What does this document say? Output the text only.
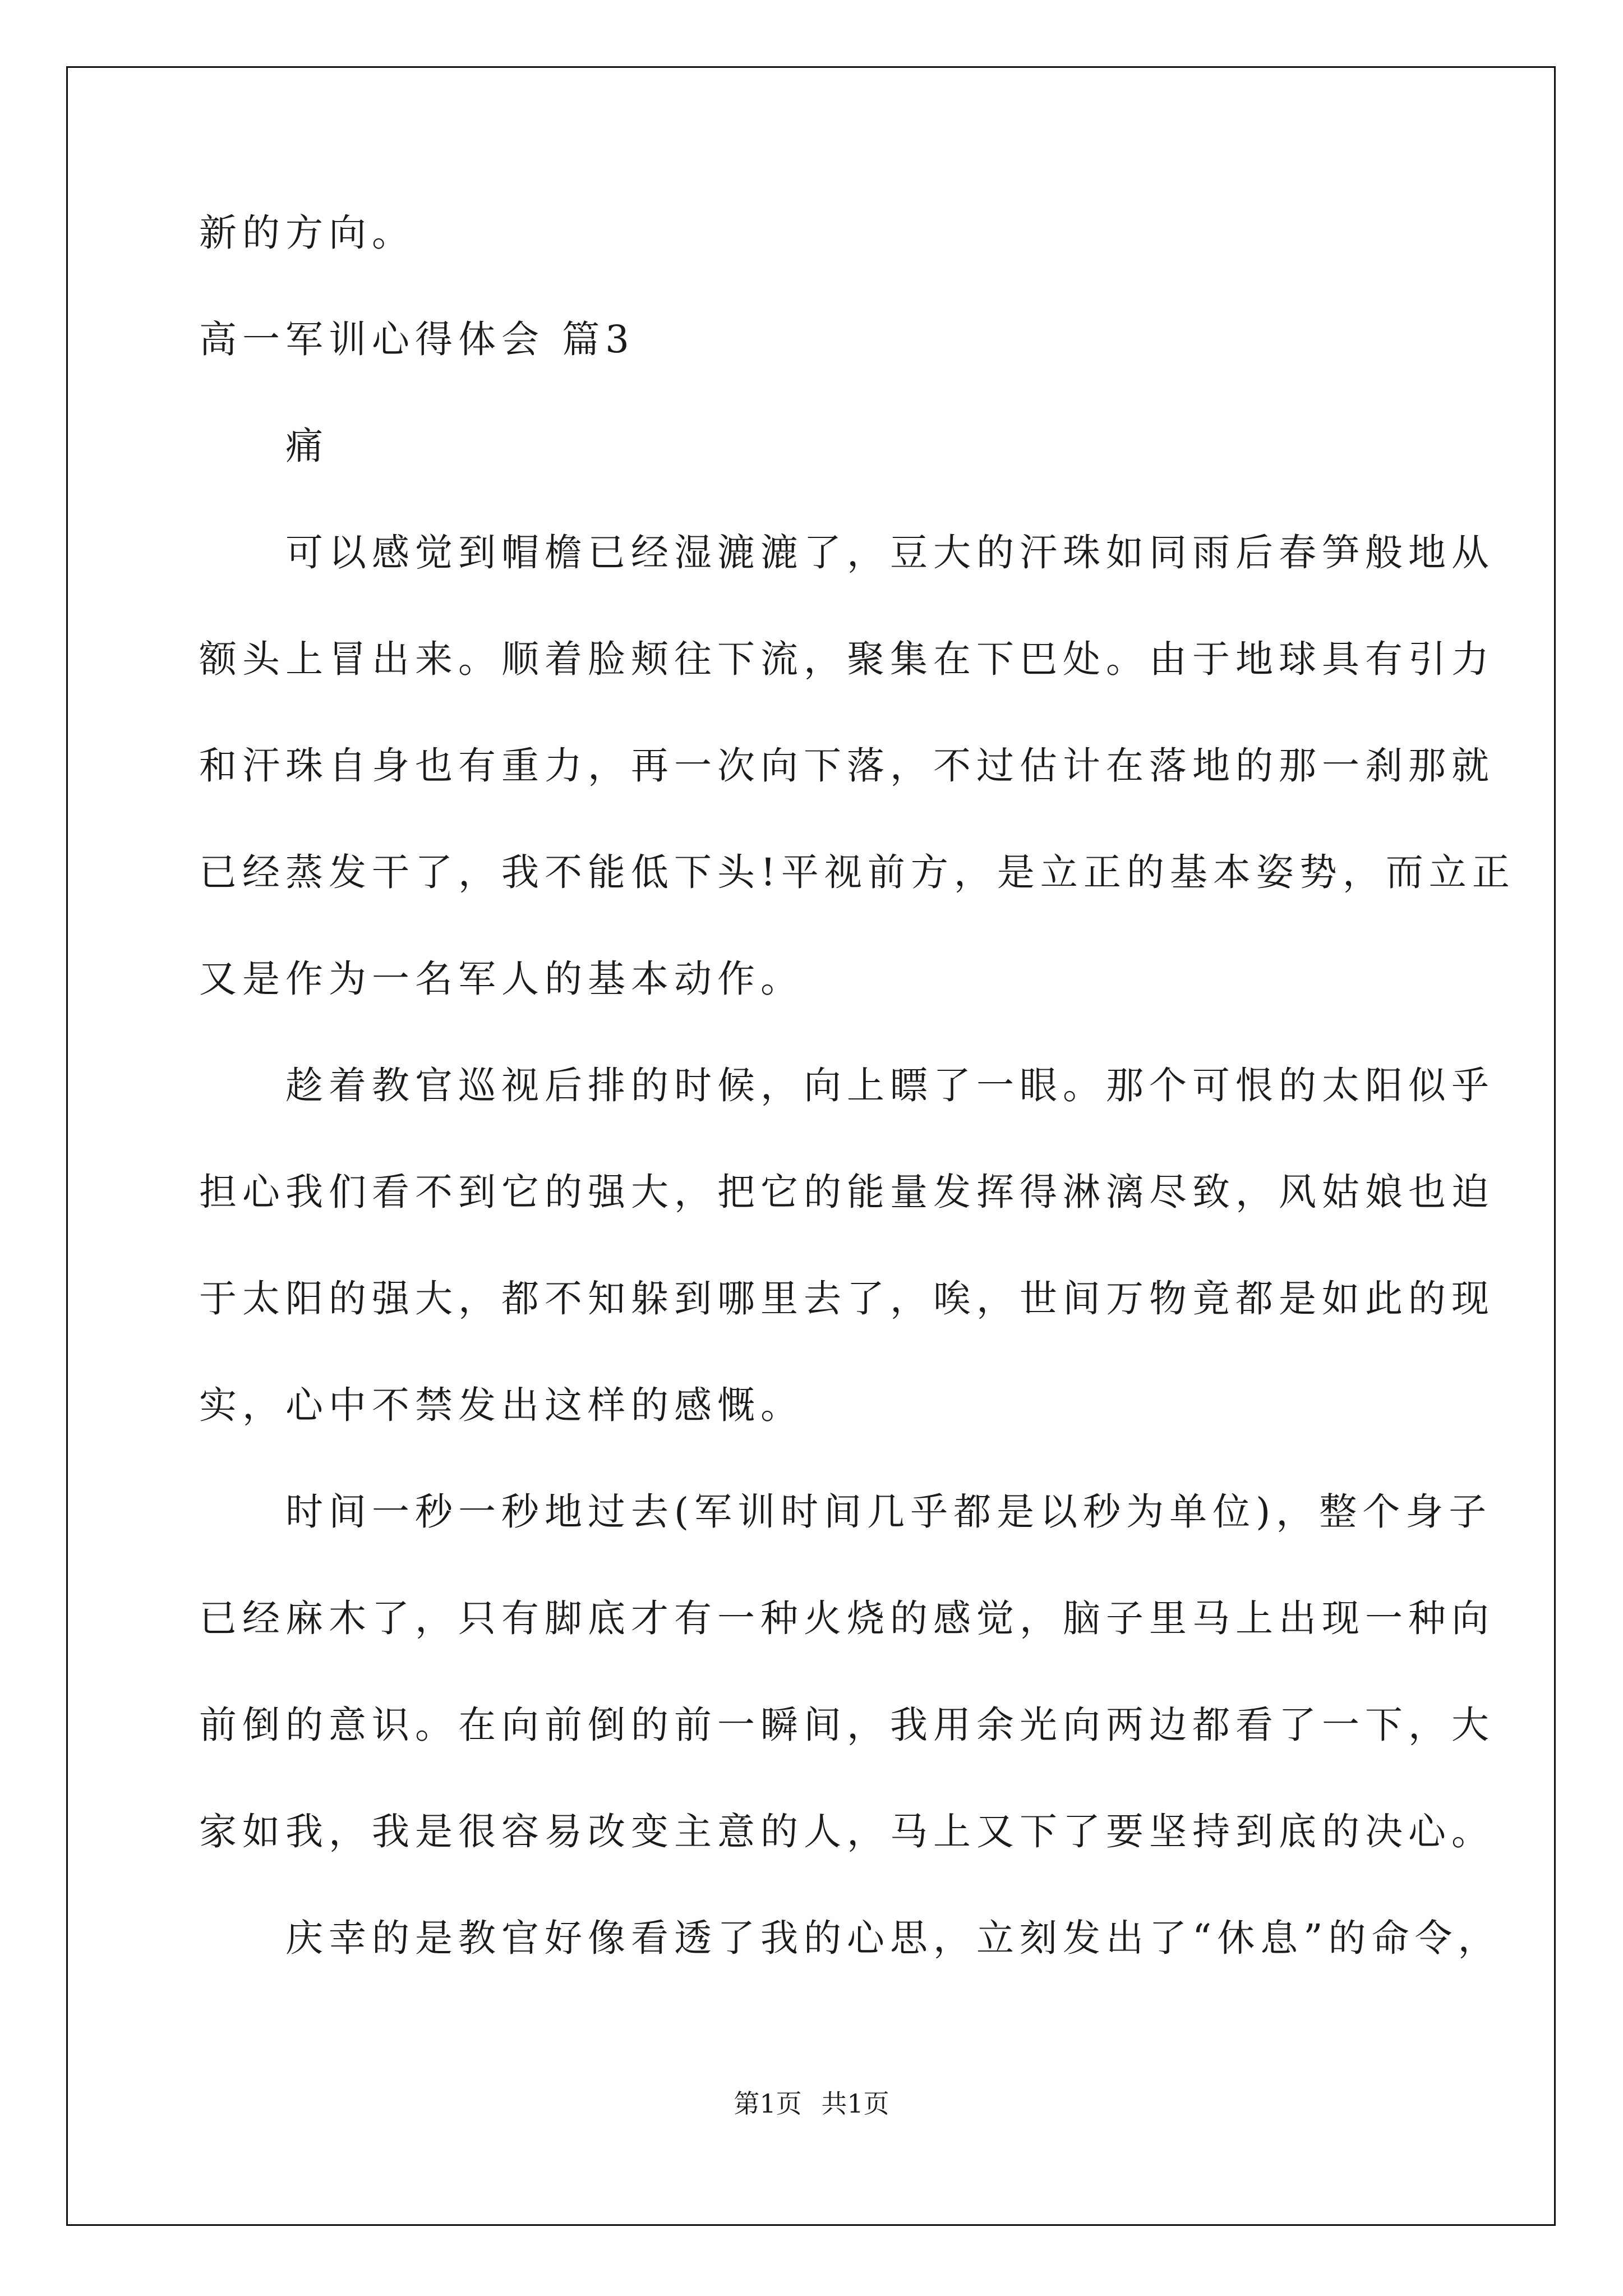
新的方向。
高一军训心得体会 篇3
　　痛
　　可以感觉到帽檐已经湿漉漉了，豆大的汗珠如同雨后春笋般地从
额头上冒出来。顺着脸颊往下流，聚集在下巴处。由于地球具有引力
和汗珠自身也有重力，再一次向下落，不过估计在落地的那一刹那就
已经蒸发干了，我不能低下头!平视前方，是立正的基本姿势，而立正
又是作为一名军人的基本动作。
　　趁着教官巡视后排的时候，向上瞟了一眼。那个可恨的太阳似乎
担心我们看不到它的强大，把它的能量发挥得淋漓尽致，风姑娘也迫
于太阳的强大，都不知躲到哪里去了，唉，世间万物竟都是如此的现
实，心中不禁发出这样的感慨。
　　时间一秒一秒地过去(军训时间几乎都是以秒为单位)，整个身子
已经麻木了，只有脚底才有一种火烧的感觉，脑子里马上出现一种向
前倒的意识。在向前倒的前一瞬间，我用余光向两边都看了一下，大
家如我，我是很容易改变主意的人，马上又下了要坚持到底的决心。
　　庆幸的是教官好像看透了我的心思，立刻发出了“休息”的命令，
第1页 共1页
